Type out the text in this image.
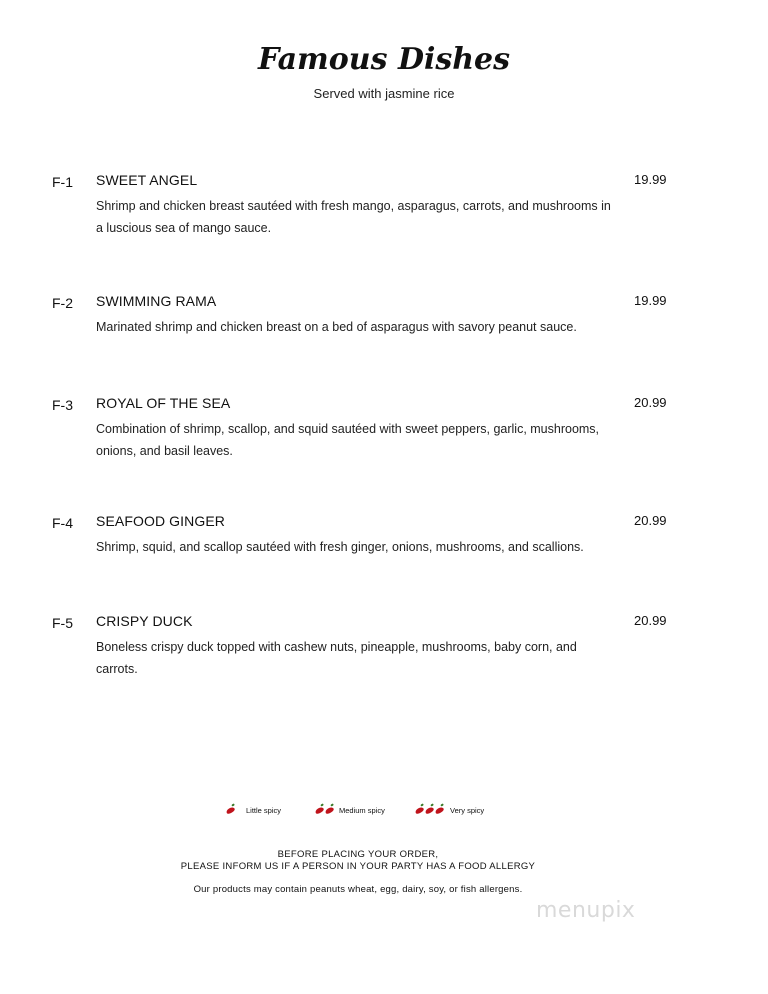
Famous Dishes
Served with jasmine rice
F-1 SWEET ANGEL	19.99
Shrimp and chicken breast sautéed with fresh mango, asparagus, carrots, and mushrooms in a luscious sea of mango sauce.
F-2 SWIMMING RAMA	19.99
Marinated shrimp and chicken breast on a bed of asparagus with savory peanut sauce.
F-3 ROYAL OF THE SEA	20.99
Combination of shrimp, scallop, and squid sautéed with sweet peppers, garlic, mushrooms, onions, and basil leaves.
F-4 SEAFOOD GINGER	20.99
Shrimp, squid, and scallop sautéed with fresh ginger, onions, mushrooms, and scallions.
F-5 CRISPY DUCK	20.99
Boneless crispy duck topped with cashew nuts, pineapple, mushrooms, baby corn, and carrots.
Little spicy	Medium spicy	Very spicy
BEFORE PLACING YOUR ORDER,
PLEASE INFORM US IF A PERSON IN YOUR PARTY HAS A FOOD ALLERGY
Our products may contain peanuts wheat, egg, dairy, soy, or fish allergens.
menupix
